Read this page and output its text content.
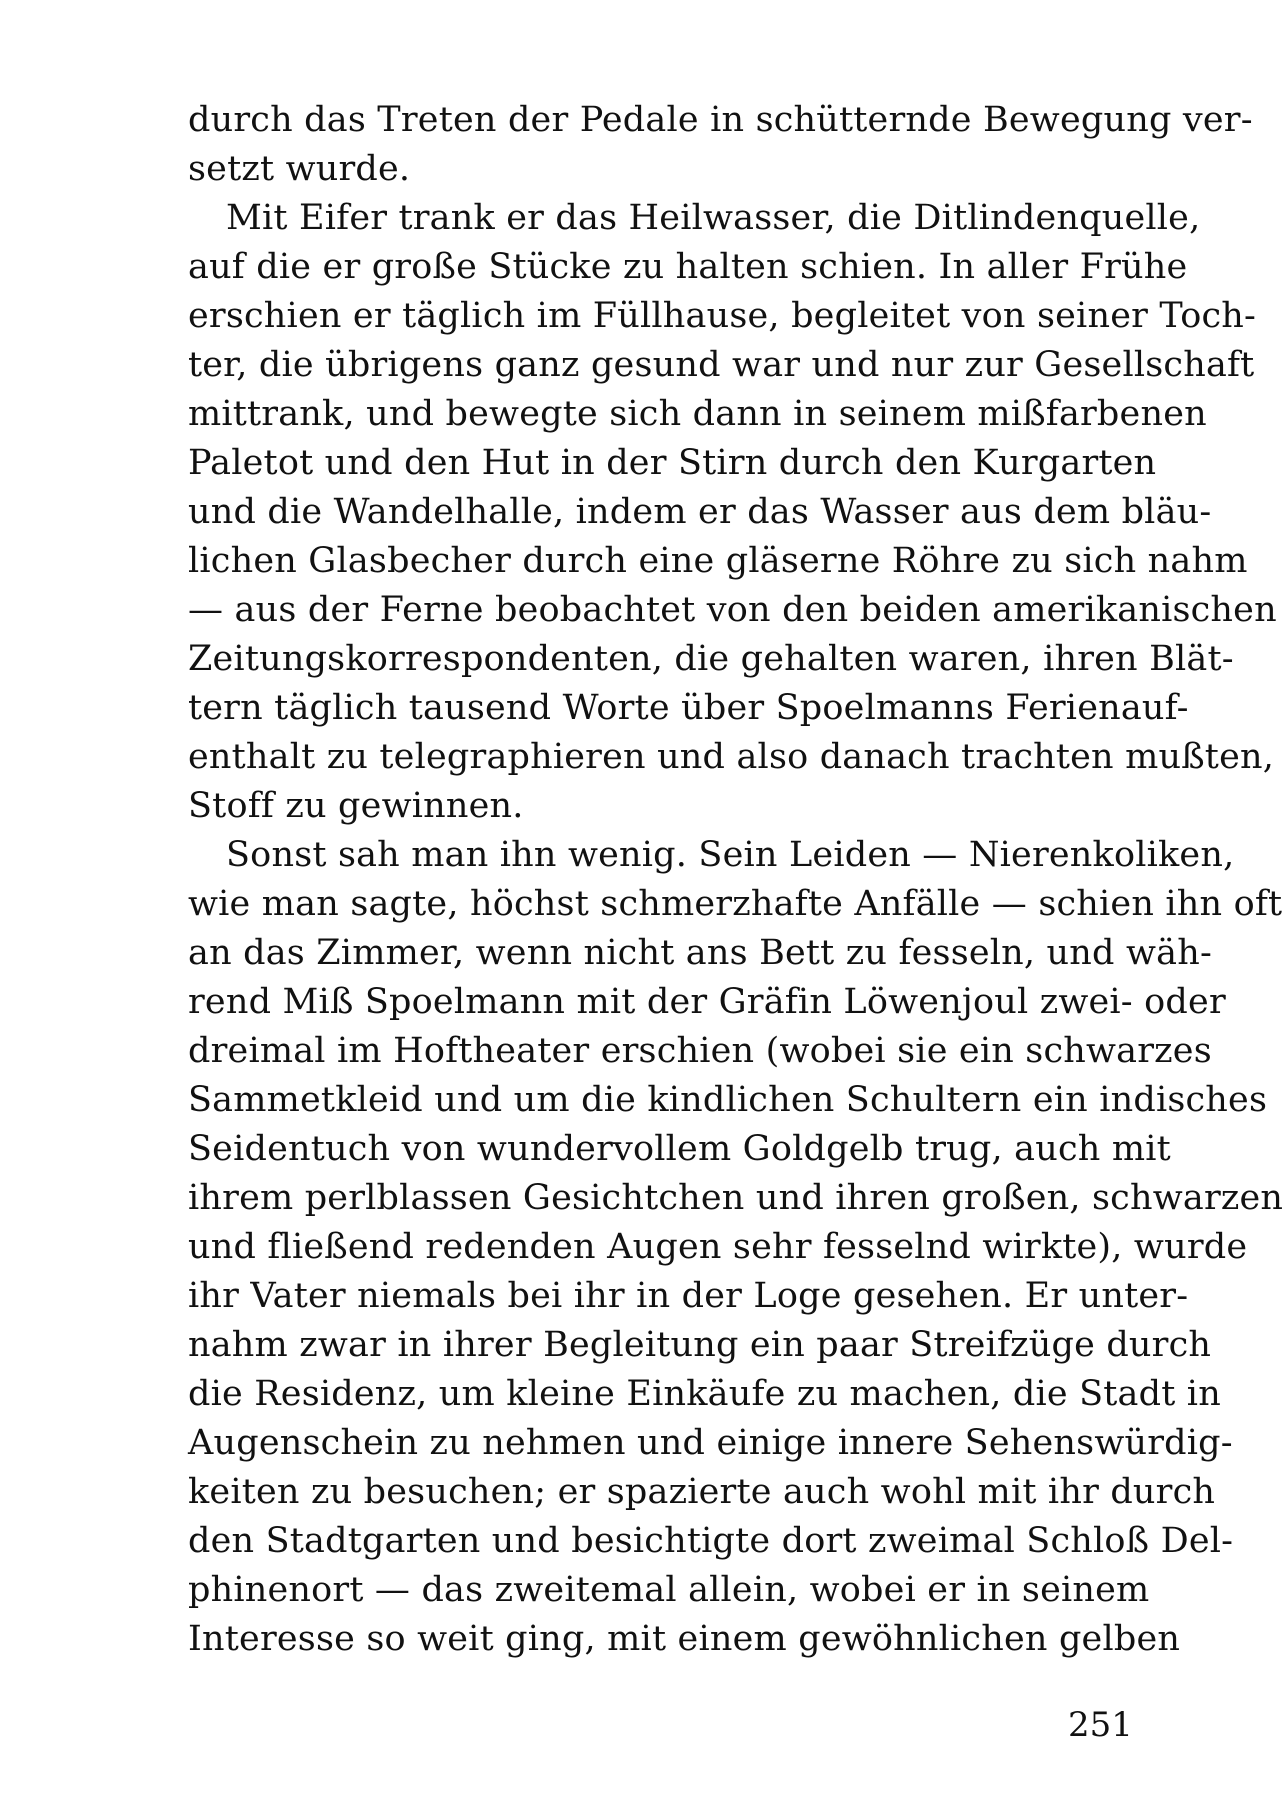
durch das Treten der Pedale in schütternde Bewegung ver-
setzt wurde.
Mit Eifer trank er das Heilwasser, die Ditlindenquelle,
auf die er große Stücke zu halten schien. In aller Frühe
erschien er täglich im Füllhause, begleitet von seiner Toch-
ter, die übrigens ganz gesund war und nur zur Gesellschaft
mittrank, und bewegte sich dann in seinem mißfarbenen
Paletot und den Hut in der Stirn durch den Kurgarten
und die Wandelhalle, indem er das Wasser aus dem bläu-
lichen Glasbecher durch eine gläserne Röhre zu sich nahm
— aus der Ferne beobachtet von den beiden amerikanischen
Zeitungskorrespondenten, die gehalten waren, ihren Blät-
tern täglich tausend Worte über Spoelmanns Ferienauf-
enthalt zu telegraphieren und also danach trachten mußten,
Stoff zu gewinnen.
Sonst sah man ihn wenig. Sein Leiden — Nierenkoliken,
wie man sagte, höchst schmerzhafte Anfälle — schien ihn oft
an das Zimmer, wenn nicht ans Bett zu fesseln, und wäh-
rend Miß Spoelmann mit der Gräfin Löwenjoul zwei- oder
dreimal im Hoftheater erschien (wobei sie ein schwarzes
Sammetkleid und um die kindlichen Schultern ein indisches
Seidentuch von wundervollem Goldgelb trug, auch mit
ihrem perlblassen Gesichtchen und ihren großen, schwarzen
und fließend redenden Augen sehr fesselnd wirkte), wurde
ihr Vater niemals bei ihr in der Loge gesehen. Er unter-
nahm zwar in ihrer Begleitung ein paar Streifzüge durch
die Residenz, um kleine Einkäufe zu machen, die Stadt in
Augenschein zu nehmen und einige innere Sehenswürdig-
keiten zu besuchen; er spazierte auch wohl mit ihr durch
den Stadtgarten und besichtigte dort zweimal Schloß Del-
phinenort — das zweitemal allein, wobei er in seinem
Interesse so weit ging, mit einem gewöhnlichen gelben
251
